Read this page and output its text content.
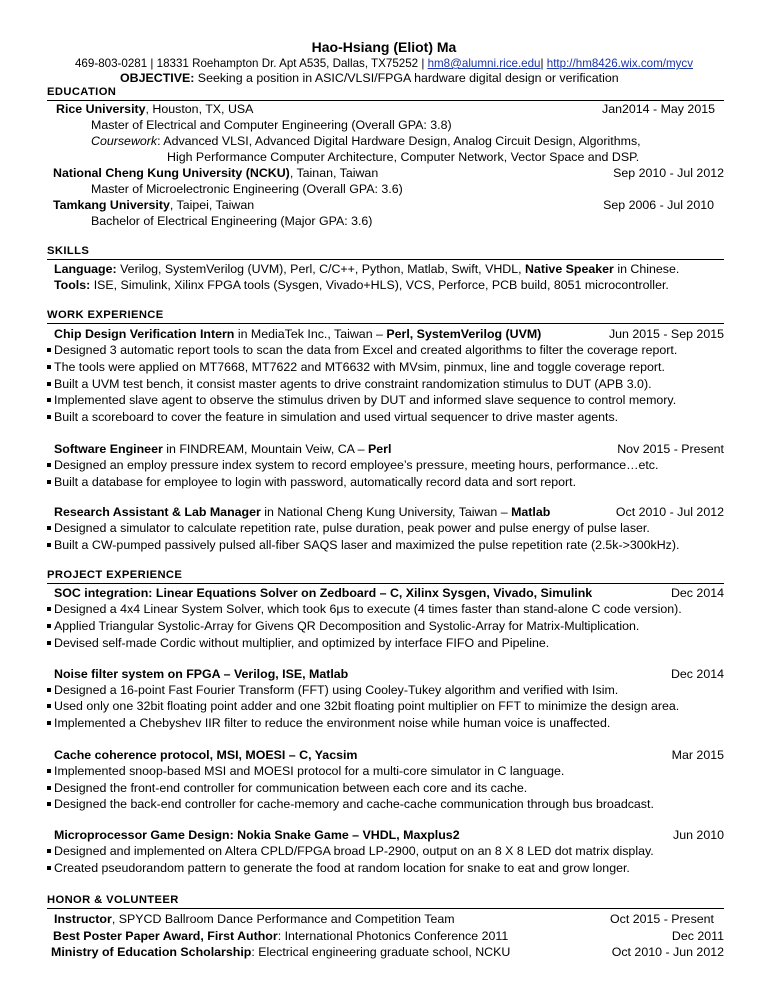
Hao-Hsiang (Eliot) Ma
469-803-0281 | 18331 Roehampton Dr. Apt A535, Dallas, TX75252 | hm8@alumni.rice.edu| http://hm8426.wix.com/mycv
OBJECTIVE: Seeking a position in ASIC/VLSI/FPGA hardware digital design or verification
EDUCATION
Rice University, Houston, TX, USA	Jan2014 - May 2015
Master of Electrical and Computer Engineering (Overall GPA: 3.8)
Coursework: Advanced VLSI, Advanced Digital Hardware Design, Analog Circuit Design, Algorithms,
High Performance Computer Architecture, Computer Network, Vector Space and DSP.
National Cheng Kung University (NCKU), Tainan, Taiwan	Sep 2010 - Jul 2012
Master of Microelectronic Engineering (Overall GPA: 3.6)
Tamkang University, Taipei, Taiwan	Sep 2006 - Jul 2010
Bachelor of Electrical Engineering (Major GPA: 3.6)
SKILLS
Language: Verilog, SystemVerilog (UVM), Perl, C/C++, Python, Matlab, Swift, VHDL, Native Speaker in Chinese.
Tools: ISE, Simulink, Xilinx FPGA tools (Sysgen, Vivado+HLS), VCS, Perforce, PCB build, 8051 microcontroller.
WORK EXPERIENCE
Chip Design Verification Intern in MediaTek Inc., Taiwan – Perl, SystemVerilog (UVM)	Jun 2015 - Sep 2015
Designed 3 automatic report tools to scan the data from Excel and created algorithms to filter the coverage report.
The tools were applied on MT7668, MT7622 and MT6632 with MVsim, pinmux, line and toggle coverage report.
Built a UVM test bench, it consist master agents to drive constraint randomization stimulus to DUT (APB 3.0).
Implemented slave agent to observe the stimulus driven by DUT and informed slave sequence to control memory.
Built a scoreboard to cover the feature in simulation and used virtual sequencer to drive master agents.
Software Engineer in FINDREAM, Mountain Veiw, CA – Perl	Nov 2015 - Present
Designed an employ pressure index system to record employee’s pressure, meeting hours, performance…etc.
Built a database for employee to login with password, automatically record data and sort report.
Research Assistant & Lab Manager in National Cheng Kung University, Taiwan – Matlab	Oct 2010 - Jul 2012
Designed a simulator to calculate repetition rate, pulse duration, peak power and pulse energy of pulse laser.
Built a CW-pumped passively pulsed all-fiber SAQS laser and maximized the pulse repetition rate (2.5k->300kHz).
PROJECT EXPERIENCE
SOC integration: Linear Equations Solver on Zedboard – C, Xilinx Sysgen, Vivado, Simulink	Dec 2014
Designed a 4x4 Linear System Solver, which took 6μs to execute (4 times faster than stand-alone C code version).
Applied Triangular Systolic-Array for Givens QR Decomposition and Systolic-Array for Matrix-Multiplication.
Devised self-made Cordic without multiplier, and optimized by interface FIFO and Pipeline.
Noise filter system on FPGA – Verilog, ISE, Matlab	Dec 2014
Designed a 16-point Fast Fourier Transform (FFT) using Cooley-Tukey algorithm and verified with Isim.
Used only one 32bit floating point adder and one 32bit floating point multiplier on FFT to minimize the design area.
Implemented a Chebyshev IIR filter to reduce the environment noise while human voice is unaffected.
Cache coherence protocol, MSI, MOESI – C, Yacsim	Mar 2015
Implemented snoop-based MSI and MOESI protocol for a multi-core simulator in C language.
Designed the front-end controller for communication between each core and its cache.
Designed the back-end controller for cache-memory and cache-cache communication through bus broadcast.
Microprocessor Game Design: Nokia Snake Game – VHDL, Maxplus2	Jun 2010
Designed and implemented on Altera CPLD/FPGA broad LP-2900, output on an 8 X 8 LED dot matrix display.
Created pseudorandom pattern to generate the food at random location for snake to eat and grow longer.
HONOR & VOLUNTEER
Instructor, SPYCD Ballroom Dance Performance and Competition Team	Oct 2015 - Present
Best Poster Paper Award, First Author: International Photonics Conference 2011	Dec 2011
Ministry of Education Scholarship: Electrical engineering graduate school, NCKU	Oct 2010 - Jun 2012
